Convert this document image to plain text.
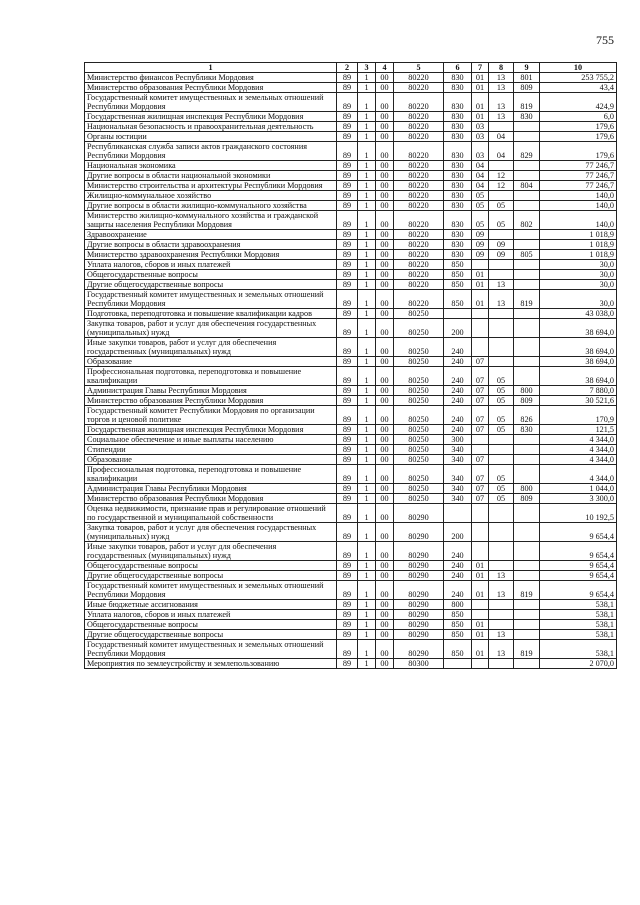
755
1	2	3	4	5	6	7	8	9	10
Министерство финансов Республики Мордовия	89	1	00	80220	830	01	13	801	253 755,2
Министерство образования Республики Мордовия	89	1	00	80220	830	01	13	809	43,4
Государственный комитет имущественных и земельных отношений Республики Мордовия	89	1	00	80220	830	01	13	819	424,9
Государственная жилищная инспекция Республики Мордовия	89	1	00	80220	830	01	13	830	6,0
Национальная безопасность и правоохранительная деятельность	89	1	00	80220	830	03			179,6
Органы юстиции	89	1	00	80220	830	03	04		179,6
Республиканская служба записи актов гражданского состояния Республики Мордовия	89	1	00	80220	830	03	04	829	179,6
Национальная экономика	89	1	00	80220	830	04			77 246,7
Другие вопросы в области национальной экономики	89	1	00	80220	830	04	12		77 246,7
Министерство строительства и архитектуры Республики Мордовия	89	1	00	80220	830	04	12	804	77 246,7
Жилищно-коммунальное хозяйство	89	1	00	80220	830	05			140,0
Другие вопросы в области жилищно-коммунального хозяйства	89	1	00	80220	830	05	05		140,0
Министерство жилищно-коммунального хозяйства и гражданской защиты населения Республики Мордовия	89	1	00	80220	830	05	05	802	140,0
Здравоохранение	89	1	00	80220	830	09			1 018,9
Другие вопросы в области здравоохранения	89	1	00	80220	830	09	09		1 018,9
Министерство здравоохранения Республики Мордовия	89	1	00	80220	830	09	09	805	1 018,9
Уплата налогов, сборов и иных платежей	89	1	00	80220	850				30,0
Общегосударственные вопросы	89	1	00	80220	850	01			30,0
Другие общегосударственные вопросы	89	1	00	80220	850	01	13		30,0
Государственный комитет имущественных и земельных отношений Республики Мордовия	89	1	00	80220	850	01	13	819	30,0
Подготовка, переподготовка и повышение квалификации кадров	89	1	00	80250					43 038,0
Закупка товаров, работ и услуг для обеспечения государственных (муниципальных) нужд	89	1	00	80250	200				38 694,0
Иные закупки товаров, работ и услуг для обеспечения государственных (муниципальных) нужд	89	1	00	80250	240				38 694,0
Образование	89	1	00	80250	240	07			38 694,0
Профессиональная подготовка, переподготовка и повышение квалификации	89	1	00	80250	240	07	05		38 694,0
Администрация Главы Республики Мордовия	89	1	00	80250	240	07	05	800	7 880,0
Министерство образования Республики Мордовия	89	1	00	80250	240	07	05	809	30 521,6
Государственный комитет Республики Мордовия по организации торгов и ценовой политике	89	1	00	80250	240	07	05	826	170,9
Государственная жилищная инспекция Республики Мордовия	89	1	00	80250	240	07	05	830	121,5
Социальное обеспечение и иные выплаты населению	89	1	00	80250	300				4 344,0
Стипендии	89	1	00	80250	340				4 344,0
Образование	89	1	00	80250	340	07			4 344,0
Профессиональная подготовка, переподготовка и повышение квалификации	89	1	00	80250	340	07	05		4 344,0
Администрация Главы Республики Мордовия	89	1	00	80250	340	07	05	800	1 044,0
Министерство образования Республики Мордовия	89	1	00	80250	340	07	05	809	3 300,0
Оценка недвижимости, признание прав и регулирование отношений по государственной и муниципальной собственности	89	1	00	80290					10 192,5
Закупка товаров, работ и услуг для обеспечения государственных (муниципальных) нужд	89	1	00	80290	200				9 654,4
Иные закупки товаров, работ и услуг для обеспечения государственных (муниципальных) нужд	89	1	00	80290	240				9 654,4
Общегосударственные вопросы	89	1	00	80290	240	01			9 654,4
Другие общегосударственные вопросы	89	1	00	80290	240	01	13		9 654,4
Государственный комитет имущественных и земельных отношений Республики Мордовия	89	1	00	80290	240	01	13	819	9 654,4
Иные бюджетные ассигнования	89	1	00	80290	800				538,1
Уплата налогов, сборов и иных платежей	89	1	00	80290	850				538,1
Общегосударственные вопросы	89	1	00	80290	850	01			538,1
Другие общегосударственные вопросы	89	1	00	80290	850	01	13		538,1
Государственный комитет имущественных и земельных отношений Республики Мордовия	89	1	00	80290	850	01	13	819	538,1
Мероприятия по землеустройству и землепользованию	89	1	00	80300					2 070,0
